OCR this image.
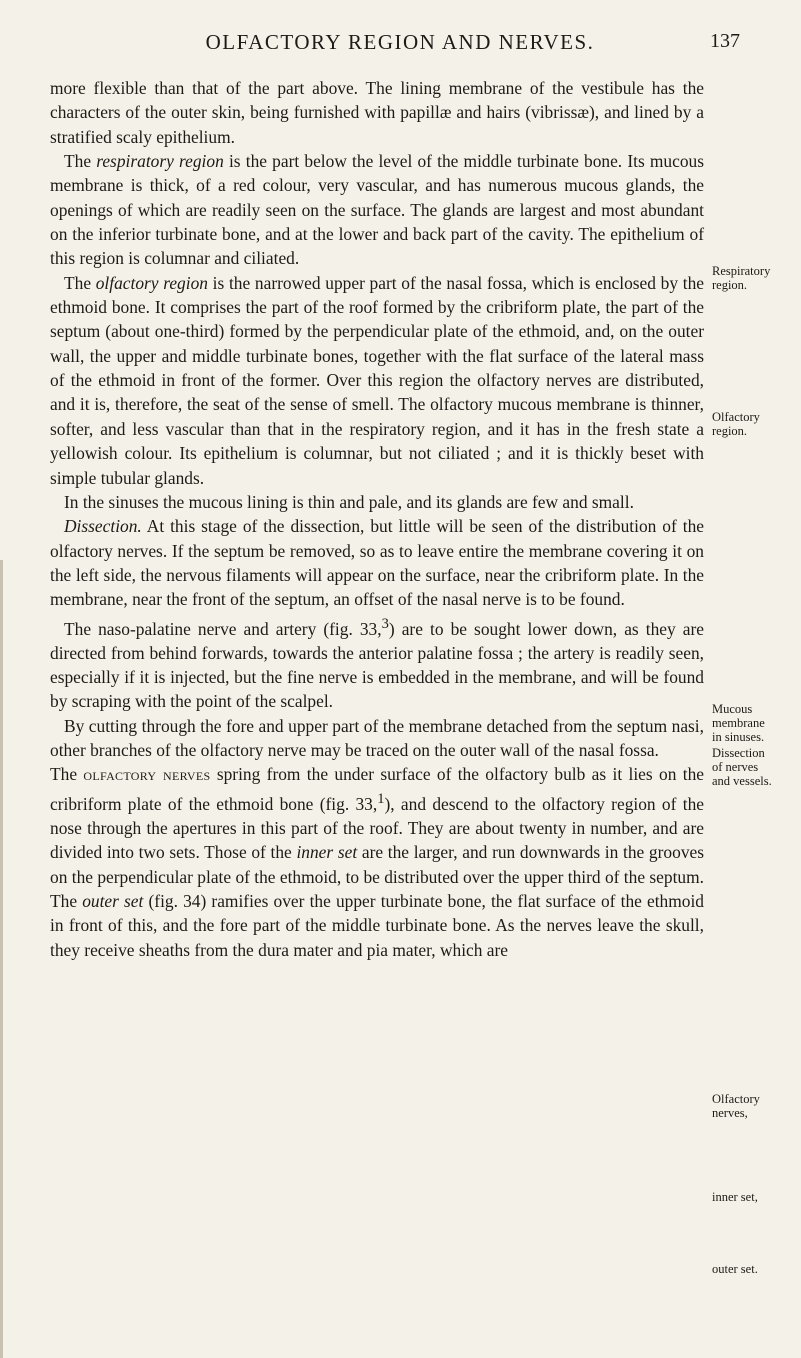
OLFACTORY REGION AND NERVES.	137

more flexible than that of the part above. The lining membrane of the vestibule has the characters of the outer skin, being furnished with papillæ and hairs (vibrissæ), and lined by a stratified scaly epithelium.

The respiratory region is the part below the level of the middle turbinate bone. Its mucous membrane is thick, of a red colour, very vascular, and has numerous mucous glands, the openings of which are readily seen on the surface. The glands are largest and most abundant on the inferior turbinate bone, and at the lower and back part of the cavity. The epithelium of this region is columnar and ciliated.

The olfactory region is the narrowed upper part of the nasal fossa, which is enclosed by the ethmoid bone. It comprises the part of the roof formed by the cribriform plate, the part of the septum (about one-third) formed by the perpendicular plate of the ethmoid, and, on the outer wall, the upper and middle turbinate bones, together with the flat surface of the lateral mass of the ethmoid in front of the former. Over this region the olfactory nerves are distributed, and it is, therefore, the seat of the sense of smell. The olfactory mucous membrane is thinner, softer, and less vascular than that in the respiratory region, and it has in the fresh state a yellowish colour. Its epithelium is columnar, but not ciliated ; and it is thickly beset with simple tubular glands.

In the sinuses the mucous lining is thin and pale, and its glands are few and small.

Dissection. At this stage of the dissection, but little will be seen of the distribution of the olfactory nerves. If the septum be removed, so as to leave entire the membrane covering it on the left side, the nervous filaments will appear on the surface, near the cribriform plate. In the membrane, near the front of the septum, an offset of the nasal nerve is to be found.

The naso-palatine nerve and artery (fig. 33,$^3$) are to be sought lower down, as they are directed from behind forwards, towards the anterior palatine fossa ; the artery is readily seen, especially if it is injected, but the fine nerve is embedded in the membrane, and will be found by scraping with the point of the scalpel.

By cutting through the fore and upper part of the membrane detached from the septum nasi, other branches of the olfactory nerve may be traced on the outer wall of the nasal fossa.

The olfactory nerves spring from the under surface of the olfactory bulb as it lies on the cribriform plate of the ethmoid bone (fig. 33,$^1$), and descend to the olfactory region of the nose through the apertures in this part of the roof. They are about twenty in number, and are divided into two sets. Those of the inner set are the larger, and run downwards in the grooves on the perpendicular plate of the ethmoid, to be distributed over the upper third of the septum. The outer set (fig. 34) ramifies over the upper turbinate bone, the flat surface of the ethmoid in front of this, and the fore part of the middle turbinate bone. As the nerves leave the skull, they receive sheaths from the dura mater and pia mater, which are

Respiratory
region.
Olfactory
region.
Mucous
membrane
in sinuses.
Dissection
of nerves
and vessels.
Olfactory
nerves,
inner set,
outer set.
